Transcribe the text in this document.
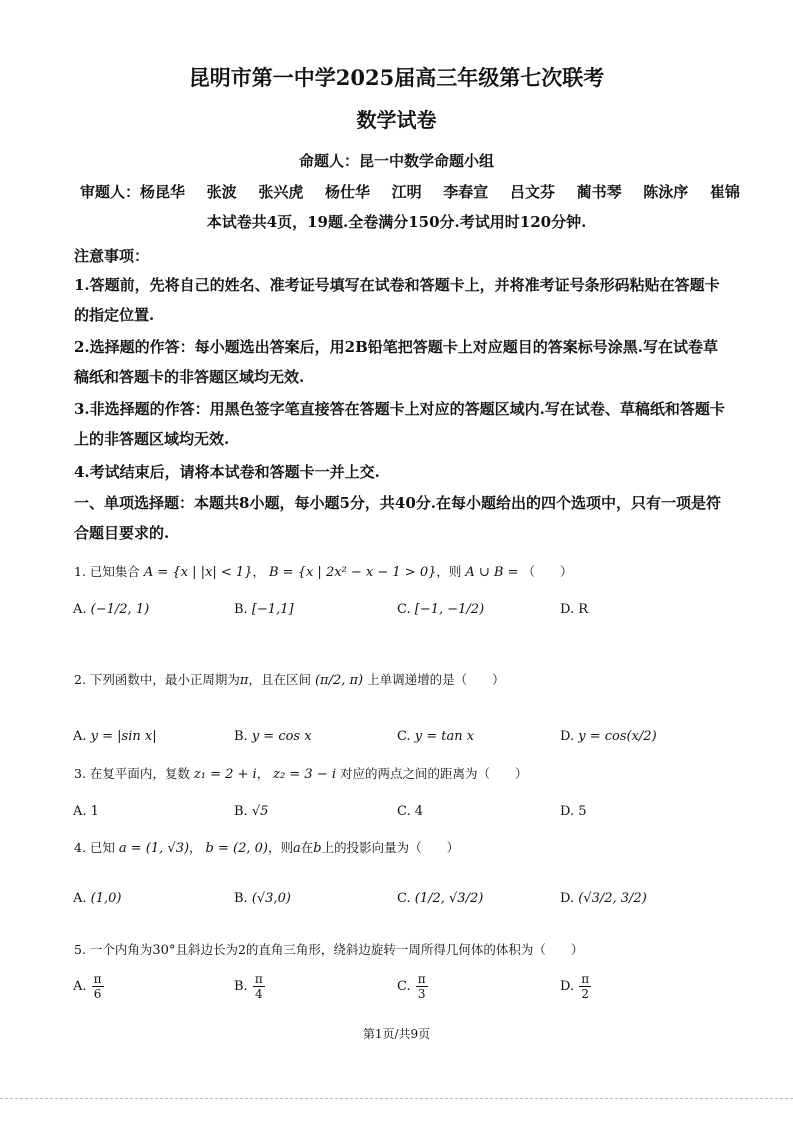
昆明市第一中学2025届高三年级第七次联考
数学试卷
命题人：昆一中数学命题小组
审题人：杨昆华 张波 张兴虎 杨仕华 江明 李春宣 吕文芬 蔺书琴 陈泳序 崔锦
本试卷共4页，19题.全卷满分150分.考试用时120分钟.
注意事项：
1.答题前，先将自己的姓名、准考证号填写在试卷和答题卡上，并将准考证号条形码粘贴在答题卡的指定位置.
2.选择题的作答：每小题选出答案后，用2B铅笔把答题卡上对应题目的答案标号涂黑.写在试卷草稿纸和答题卡的非答题区域均无效.
3.非选择题的作答：用黑色签字笔直接答在答题卡上对应的答题区域内.写在试卷、草稿纸和答题卡上的非答题区域均无效.
4.考试结束后，请将本试卷和答题卡一并上交.
一、单项选择题：本题共8小题，每小题5分，共40分.在每小题给出的四个选项中，只有一项是符合题目要求的.
1. 已知集合 A = {x | |x| < 1}， B = {x | 2x² − x − 1 > 0}，则 A ∪ B = （　　）
A. (−1/2, 1)	B. [−1,1]	C. [−1, −1/2)	D. R
2. 下列函数中，最小正周期为π，且在区间 (π/2, π) 上单调递增的是（　　）
A. y = |sin x|	B. y = cos x	C. y = tan x	D. y = cos(x/2)
3. 在复平面内，复数 z₁ = 2 + i， z₂ = 3 − i 对应的两点之间的距离为（　　）
A. 1	B. √5	C. 4	D. 5
4. 已知 a = (1, √3)， b = (2, 0)，则a在b上的投影向量为（　　）
A. (1,0)	B. (√3,0)	C. (1/2, √3/2)	D. (√3/2, 3/2)
5. 一个内角为30°且斜边长为2的直角三角形，绕斜边旋转一周所得几何体的体积为（　　）
A. $\frac{\pi}{6}$	B. $\frac{\pi}{4}$	C. $\frac{\pi}{3}$	D. $\frac{\pi}{2}$
第1页/共9页
